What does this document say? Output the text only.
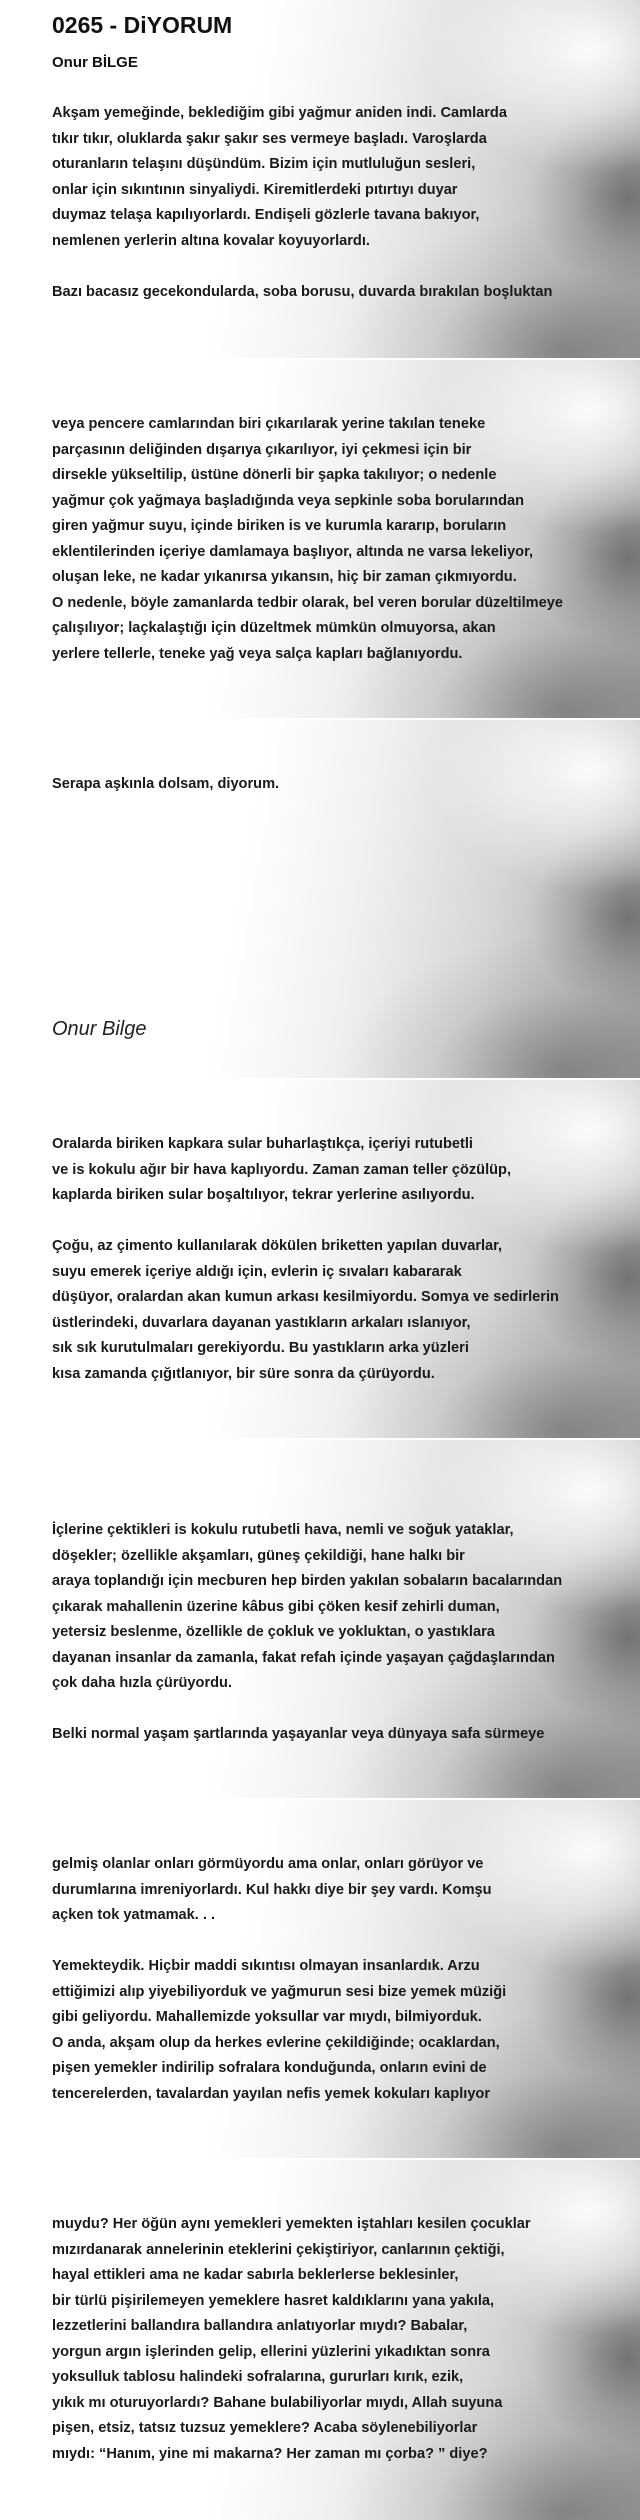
0265 - DiYORUM
Onur BİLGE
Akşam yemeğinde, beklediğim gibi yağmur aniden indi. Camlarda
tıkır tıkır, oluklarda şakır şakır ses vermeye başladı. Varoşlarda
oturanların telaşını düşündüm. Bizim için mutluluğun sesleri,
onlar için sıkıntının sinyaliydi. Kiremitlerdeki pıtırtıyı duyar
duymaz telaşa kapılıyorlardı. Endişeli gözlerle tavana bakıyor,
nemlenen yerlerin altına kovalar koyuyorlardı.
Bazı bacasız gecekondularda, soba borusu, duvarda bırakılan boşluktan
veya pencere camlarından biri çıkarılarak yerine takılan teneke
parçasının deliğinden dışarıya çıkarılıyor, iyi çekmesi için bir
dirsekle yükseltilip, üstüne dönerli bir şapka takılıyor; o nedenle
yağmur çok yağmaya başladığında veya sepkinle soba borularından
giren yağmur suyu, içinde biriken is ve kurumla kararıp, boruların
eklentilerinden içeriye damlamaya başlıyor, altında ne varsa lekeliyor,
oluşan leke, ne kadar yıkanırsa yıkansın, hiç bir zaman çıkmıyordu.
O nedenle, böyle zamanlarda tedbir olarak, bel veren borular düzeltilmeye
çalışılıyor; laçkalaştığı için düzeltmek mümkün olmuyorsa, akan
yerlere tellerle, teneke yağ veya salça kapları bağlanıyordu.
Serapa aşkınla dolsam, diyorum.
Onur Bilge
Oralarda biriken kapkara sular buharlaştıkça, içeriyi rutubetli
ve is kokulu ağır bir hava kaplıyordu. Zaman zaman teller çözülüp,
kaplarda biriken sular boşaltılıyor, tekrar yerlerine asılıyordu.
Çoğu, az çimento kullanılarak dökülen briketten yapılan duvarlar,
suyu emerek içeriye aldığı için, evlerin iç sıvaları kabararak
düşüyor, oralardan akan kumun arkası kesilmiyordu. Somya ve sedirlerin
üstlerindeki, duvarlara dayanan yastıkların arkaları ıslanıyor,
sık sık kurutulmaları gerekiyordu. Bu yastıkların arka yüzleri
kısa zamanda çığıtlanıyor, bir süre sonra da çürüyordu.
İçlerine çektikleri is kokulu rutubetli hava, nemli ve soğuk yataklar,
döşekler; özellikle akşamları, güneş çekildiği, hane halkı bir
araya toplandığı için mecburen hep birden yakılan sobaların bacalarından
çıkarak mahallenin üzerine kâbus gibi çöken kesif zehirli duman,
yetersiz beslenme, özellikle de çokluk ve yokluktan, o yastıklara
dayanan insanlar da zamanla, fakat refah içinde yaşayan çağdaşlarından
çok daha hızla çürüyordu.
Belki normal yaşam şartlarında yaşayanlar veya dünyaya safa sürmeye
gelmiş olanlar onları görmüyordu ama onlar, onları görüyor ve
durumlarına imreniyorlardı. Kul hakkı diye bir şey vardı. Komşu
açken tok yatmamak. . .
Yemekteydik. Hiçbir maddi sıkıntısı olmayan insanlardık. Arzu
ettiğimizi alıp yiyebiliyorduk ve yağmurun sesi bize yemek müziği
gibi geliyordu. Mahallemizde yoksullar var mıydı, bilmiyorduk.
O anda, akşam olup da herkes evlerine çekildiğinde; ocaklardan,
pişen yemekler indirilip sofralara konduğunda, onların evini de
tencerelerden, tavalardan yayılan nefis yemek kokuları kaplıyor
muydu? Her öğün aynı yemekleri yemekten iştahları kesilen çocuklar
mızırdanarak annelerinin eteklerini çekiştiriyor, canlarının çektiği,
hayal ettikleri ama ne kadar sabırla beklerlerse beklesinler,
bir türlü pişirilemeyen yemeklere hasret kaldıklarını yana yakıla,
lezzetlerini ballandıra ballandıra anlatıyorlar mıydı? Babalar,
yorgun argın işlerinden gelip, ellerini yüzlerini yıkadıktan sonra
yoksulluk tablosu halindeki sofralarına, gururları kırık, ezik,
yıkık mı oturuyorlardı? Bahane bulabiliyorlar mıydı, Allah suyuna
pişen, etsiz, tatsız tuzsuz yemeklere? Acaba söylenebiliyorlar
mıydı: “Hanım, yine mi makarna? Her zaman mı çorba? ” diye?
